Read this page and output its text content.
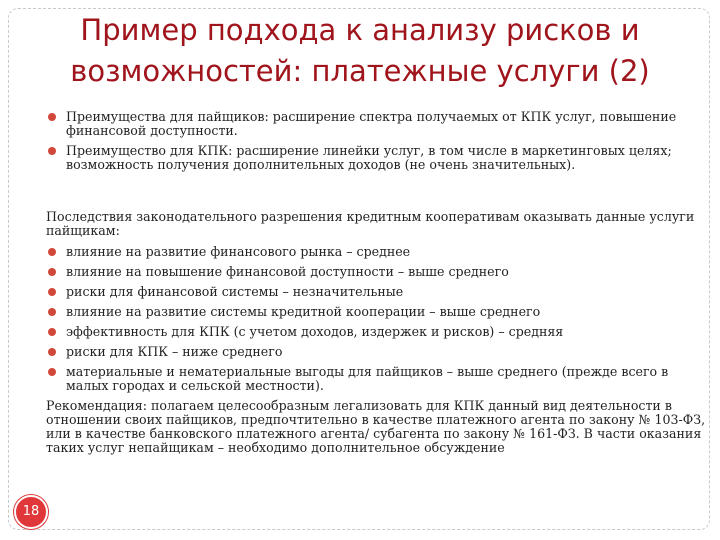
Пример подхода к анализу рисков и
возможностей: платежные услуги (2)
Преимущества для пайщиков: расширение спектра получаемых от КПК услуг, повышение финансовой доступности.
Преимущество для КПК: расширение линейки услуг, в том числе в маркетинговых целях; возможность получения дополнительных доходов (не очень значительных).

Последствия законодательного разрешения кредитным кооперативам оказывать данные услуги пайщикам:

влияние на развитие финансового рынка – среднее
влияние на повышение финансовой доступности – выше среднего
риски для финансовой системы – незначительные
влияние на развитие системы кредитной кооперации – выше среднего
эффективность для КПК (с учетом доходов, издержек и рисков) – средняя
риски для КПК – ниже среднего
материальные и нематериальные выгоды для пайщиков – выше среднего (прежде всего в малых городах и сельской местности).

Рекомендация: полагаем целесообразным легализовать для КПК данный вид деятельности в отношении своих пайщиков, предпочтительно в качестве платежного агента по закону № 103-ФЗ, или в качестве банковского платежного агента/ субагента по закону № 161-ФЗ. В части оказания таких услуг непайщикам – необходимо дополнительное обсуждение

18
